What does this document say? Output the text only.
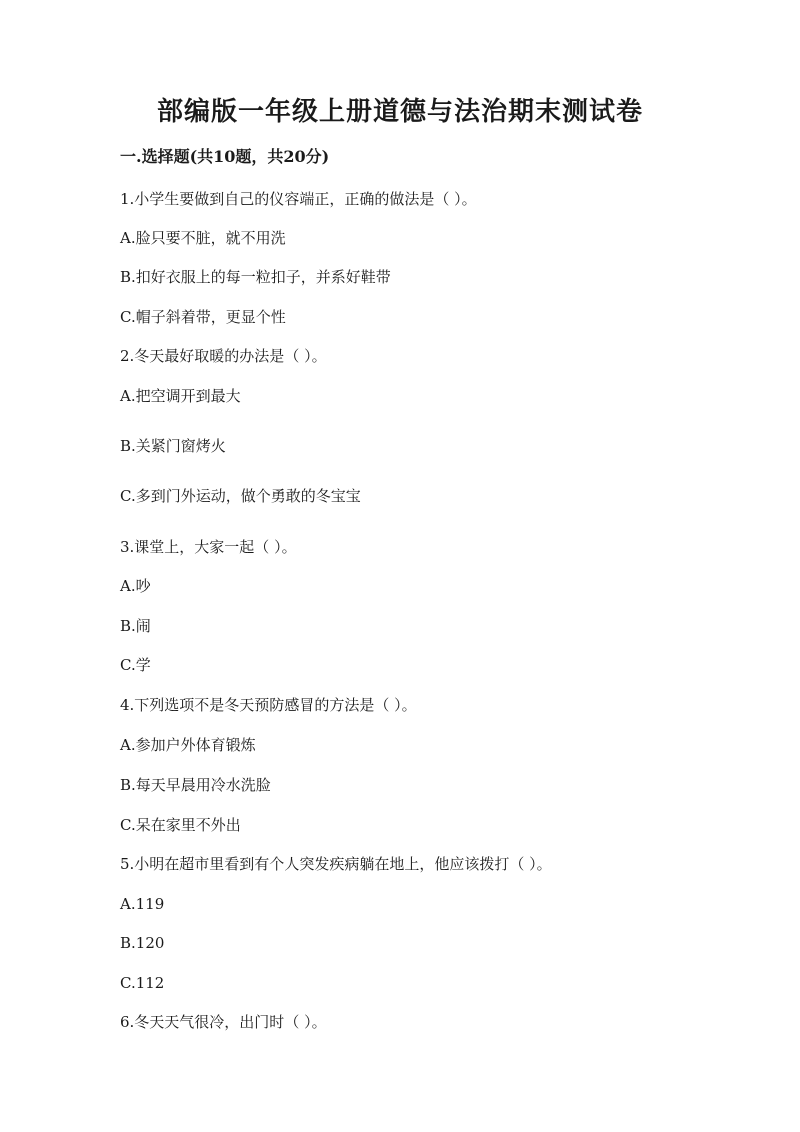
部编版一年级上册道德与法治期末测试卷
一.选择题(共10题，共20分)
1.小学生要做到自己的仪容端正，正确的做法是（ ）。
A.脸只要不脏，就不用洗
B.扣好衣服上的每一粒扣子，并系好鞋带
C.帽子斜着带，更显个性
2.冬天最好取暖的办法是（ ）。
A.把空调开到最大
B.关紧门窗烤火
C.多到门外运动，做个勇敢的冬宝宝
3.课堂上，大家一起（ ）。
A.吵
B.闹
C.学
4.下列选项不是冬天预防感冒的方法是（ ）。
A.参加户外体育锻炼
B.每天早晨用冷水洗脸
C.呆在家里不外出
5.小明在超市里看到有个人突发疾病躺在地上，他应该拨打（ ）。
A.119
B.120
C.112
6.冬天天气很冷，出门时（ ）。
